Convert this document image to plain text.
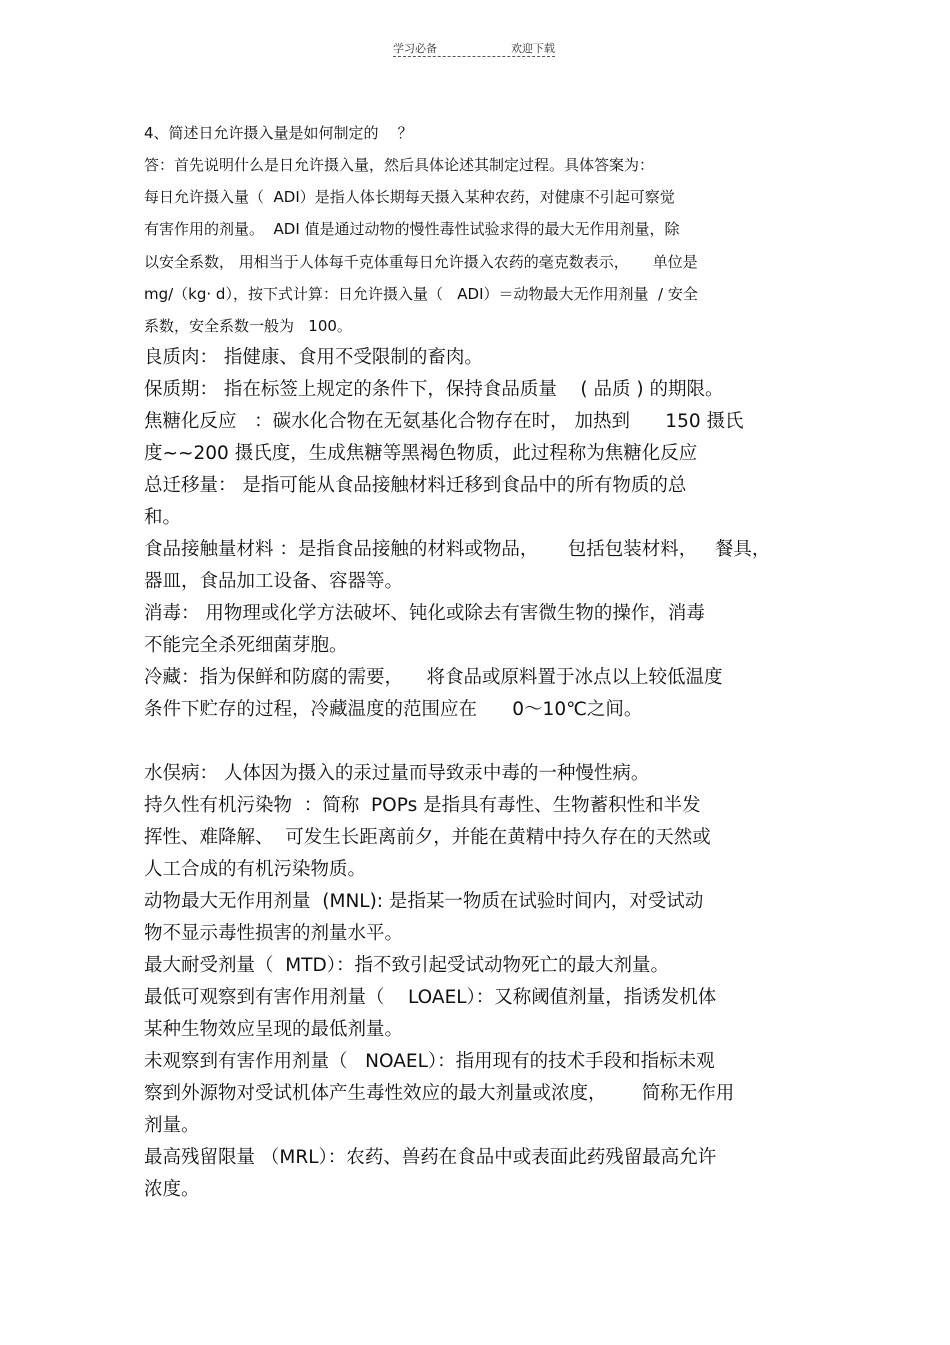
学习必备	欢迎下载
4、简述日允许摄入量是如何制定的    ？
答：首先说明什么是日允许摄入量，然后具体论述其制定过程。具体答案为：
每日允许摄入量（  ADI）是指人体长期每天摄入某种农药，对健康不引起可察觉
有害作用的剂量。  ADI 值是通过动物的慢性毒性试验求得的最大无作用剂量，除
以安全系数， 用相当于人体每千克体重每日允许摄入农药的毫克数表示，     单位是
mg/（kg· d），按下式计算：日允许摄入量（   ADI）＝动物最大无作用剂量  / 安全
系数，安全系数一般为   100。
良质肉： 指健康、食用不受限制的畜肉。
保质期： 指在标签上规定的条件下，保持食品质量    ( 品质 ) 的期限。
焦糖化反应   ：碳水化合物在无氨基化合物存在时， 加热到      150 摄氏
度~~200 摄氏度，生成焦糖等黑褐色物质，此过程称为焦糖化反应
总迁移量： 是指可能从食品接触材料迁移到食品中的所有物质的总
和。
食品接触量材料 ：是指食品接触的材料或物品，     包括包装材料，   餐具，
器皿，食品加工设备、容器等。
消毒： 用物理或化学方法破坏、钝化或除去有害微生物的操作，消毒
不能完全杀死细菌芽胞。
冷藏：指为保鲜和防腐的需要，    将食品或原料置于冰点以上较低温度
条件下贮存的过程，冷藏温度的范围应在      0～10℃之间。
水俣病： 人体因为摄入的汞过量而导致汞中毒的一种慢性病。
持久性有机污染物  ：简称  POPs 是指具有毒性、生物蓄积性和半发
挥性、难降解、  可发生长距离前夕，并能在黄精中持久存在的天然或
人工合成的有机污染物质。
动物最大无作用剂量  (MNL): 是指某一物质在试验时间内，对受试动
物不显示毒性损害的剂量水平。
最大耐受剂量（  MTD）：指不致引起受试动物死亡的最大剂量。
最低可观察到有害作用剂量（    LOAEL）：又称阈值剂量，指诱发机体
某种生物效应呈现的最低剂量。
未观察到有害作用剂量（   NOAEL）：指用现有的技术手段和指标未观
察到外源物对受试机体产生毒性效应的最大剂量或浓度，      简称无作用
剂量。
最高残留限量 （MRL）：农药、兽药在食品中或表面此药残留最高允许
浓度。
